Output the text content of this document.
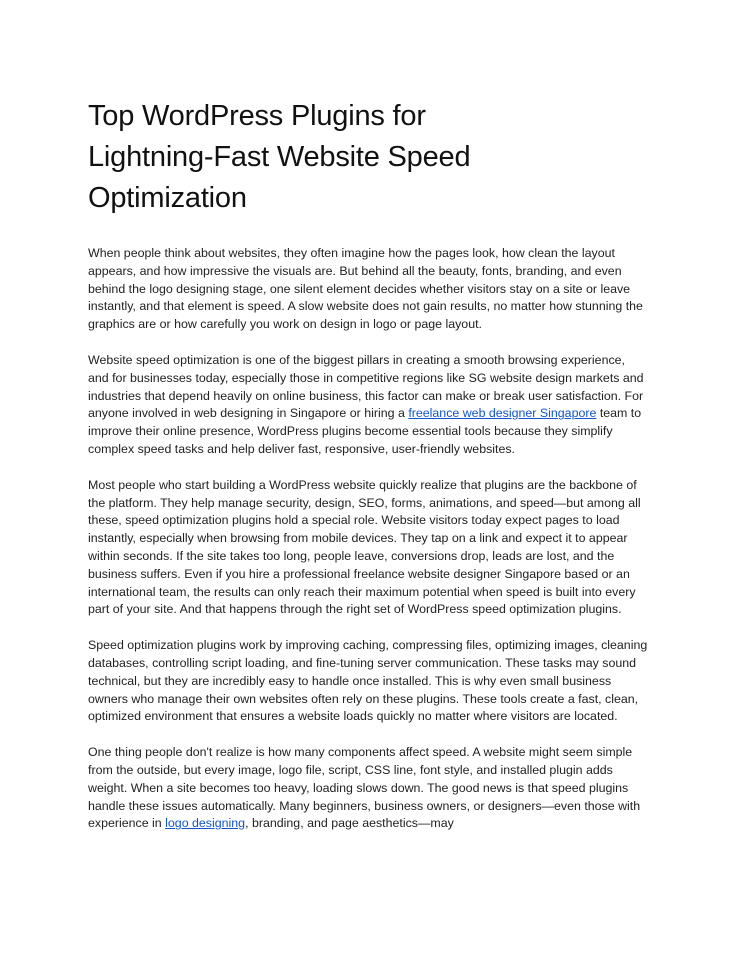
Top WordPress Plugins for Lightning-Fast Website Speed Optimization

When people think about websites, they often imagine how the pages look, how clean the layout appears, and how impressive the visuals are. But behind all the beauty, fonts, branding, and even behind the logo designing stage, one silent element decides whether visitors stay on a site or leave instantly, and that element is speed. A slow website does not gain results, no matter how stunning the graphics are or how carefully you work on design in logo or page layout.

Website speed optimization is one of the biggest pillars in creating a smooth browsing experience, and for businesses today, especially those in competitive regions like SG website design markets and industries that depend heavily on online business, this factor can make or break user satisfaction. For anyone involved in web designing in Singapore or hiring a freelance web designer Singapore team to improve their online presence, WordPress plugins become essential tools because they simplify complex speed tasks and help deliver fast, responsive, user-friendly websites.

Most people who start building a WordPress website quickly realize that plugins are the backbone of the platform. They help manage security, design, SEO, forms, animations, and speed—but among all these, speed optimization plugins hold a special role. Website visitors today expect pages to load instantly, especially when browsing from mobile devices. They tap on a link and expect it to appear within seconds. If the site takes too long, people leave, conversions drop, leads are lost, and the business suffers. Even if you hire a professional freelance website designer Singapore based or an international team, the results can only reach their maximum potential when speed is built into every part of your site. And that happens through the right set of WordPress speed optimization plugins.

Speed optimization plugins work by improving caching, compressing files, optimizing images, cleaning databases, controlling script loading, and fine-tuning server communication. These tasks may sound technical, but they are incredibly easy to handle once installed. This is why even small business owners who manage their own websites often rely on these plugins. These tools create a fast, clean, optimized environment that ensures a website loads quickly no matter where visitors are located.

One thing people don't realize is how many components affect speed. A website might seem simple from the outside, but every image, logo file, script, CSS line, font style, and installed plugin adds weight. When a site becomes too heavy, loading slows down. The good news is that speed plugins handle these issues automatically. Many beginners, business owners, or designers—even those with experience in logo designing, branding, and page aesthetics—may
